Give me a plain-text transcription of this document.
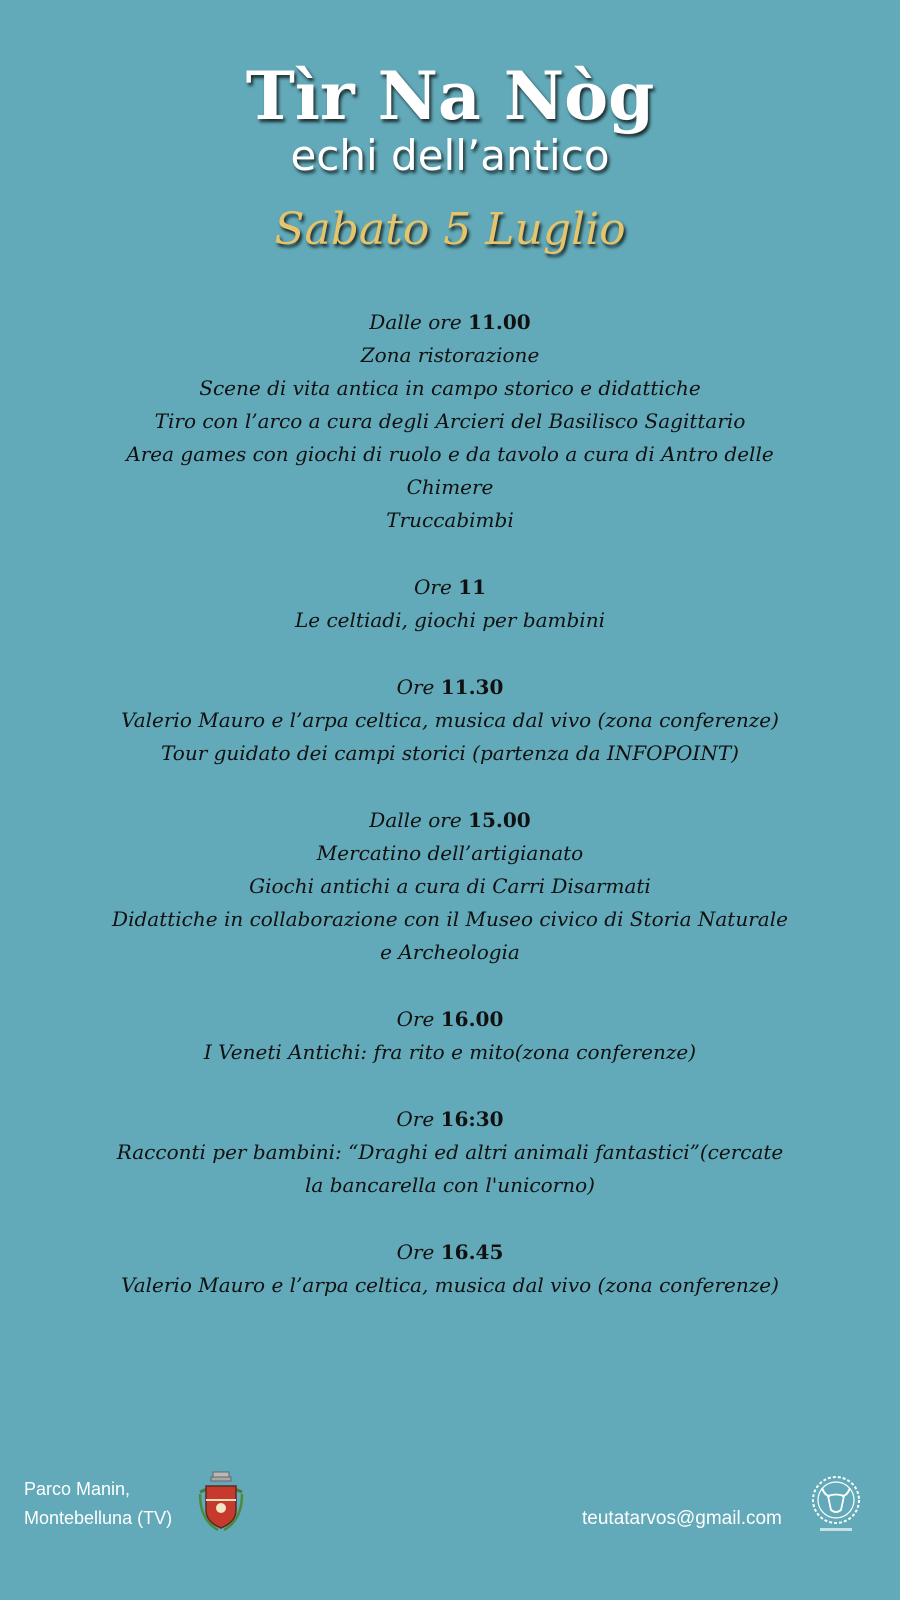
Tìr Na Nòg
echi dell’antico
Sabato 5 Luglio
Dalle ore 11.00
Zona ristorazione
Scene di vita antica in campo storico e didattiche
Tiro con l’arco a cura degli Arcieri del Basilisco Sagittario
Area games con giochi di ruolo e da tavolo a cura di Antro delle
Chimere
Truccabimbi
Ore 11
Le celtiadi, giochi per bambini
Ore 11.30
Valerio Mauro e l’arpa celtica, musica dal vivo (zona conferenze)
Tour guidato dei campi storici (partenza da INFOPOINT)
Dalle ore 15.00
Mercatino dell’artigianato
Giochi antichi a cura di Carri Disarmati
Didattiche in collaborazione con il Museo civico di Storia Naturale
e Archeologia
Ore 16.00
I Veneti Antichi: fra rito e mito(zona conferenze)
Ore 16:30
Racconti per bambini: “Draghi ed altri animali fantastici”(cercate
la bancarella con l'unicorno)
Ore 16.45
Valerio Mauro e l’arpa celtica, musica dal vivo (zona conferenze)
Parco Manin,
Montebelluna (TV)	teutatarvos@gmail.com
